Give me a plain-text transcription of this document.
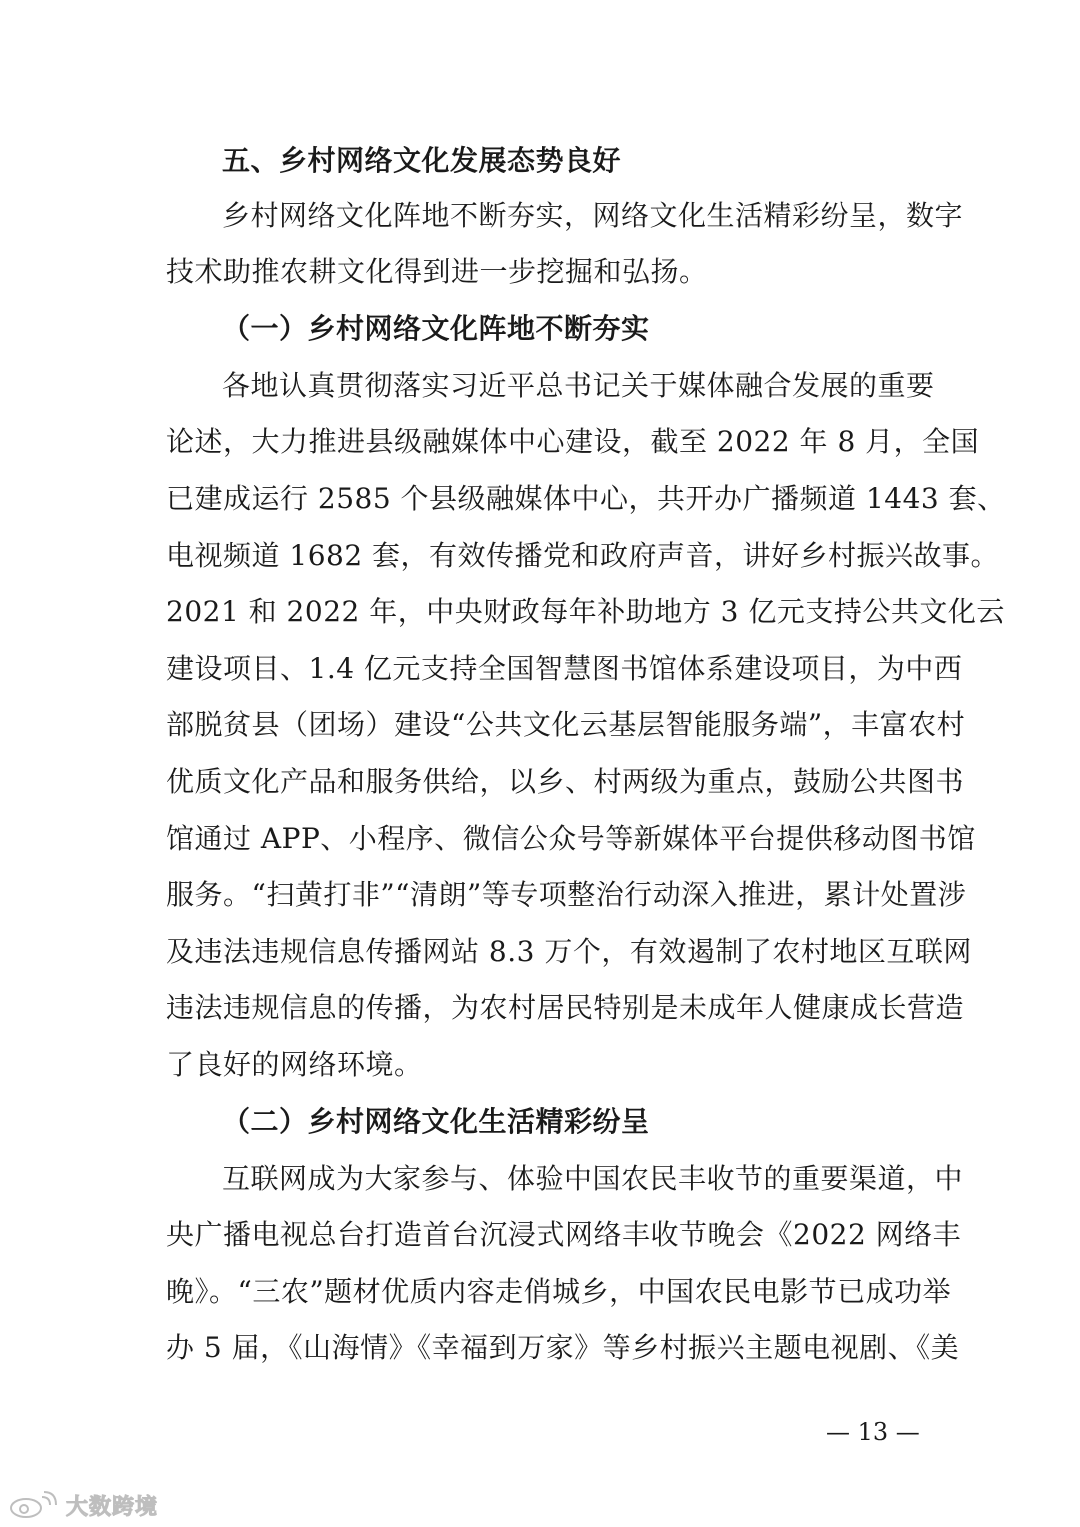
五、乡村网络文化发展态势良好
乡村网络文化阵地不断夯实，网络文化生活精彩纷呈，数字
技术助推农耕文化得到进一步挖掘和弘扬。
（一）乡村网络文化阵地不断夯实
各地认真贯彻落实习近平总书记关于媒体融合发展的重要
论述，大力推进县级融媒体中心建设，截至 2022 年 8 月，全国
已建成运行 2585 个县级融媒体中心，共开办广播频道 1443 套、
电视频道 1682 套，有效传播党和政府声音，讲好乡村振兴故事。
2021 和 2022 年，中央财政每年补助地方 3 亿元支持公共文化云
建设项目、1.4 亿元支持全国智慧图书馆体系建设项目，为中西
部脱贫县（团场）建设“公共文化云基层智能服务端”，丰富农村
优质文化产品和服务供给，以乡、村两级为重点，鼓励公共图书
馆通过 APP、小程序、微信公众号等新媒体平台提供移动图书馆
服务。“扫黄打非”“清朗”等专项整治行动深入推进，累计处置涉
及违法违规信息传播网站 8.3 万个，有效遏制了农村地区互联网
违法违规信息的传播，为农村居民特别是未成年人健康成长营造
了良好的网络环境。
（二）乡村网络文化生活精彩纷呈
互联网成为大家参与、体验中国农民丰收节的重要渠道，中
央广播电视总台打造首台沉浸式网络丰收节晚会《2022 网络丰
晚》。“三农”题材优质内容走俏城乡，中国农民电影节已成功举
办 5 届，《山海情》《幸福到万家》等乡村振兴主题电视剧、《美
— 13 —
大数跨境
